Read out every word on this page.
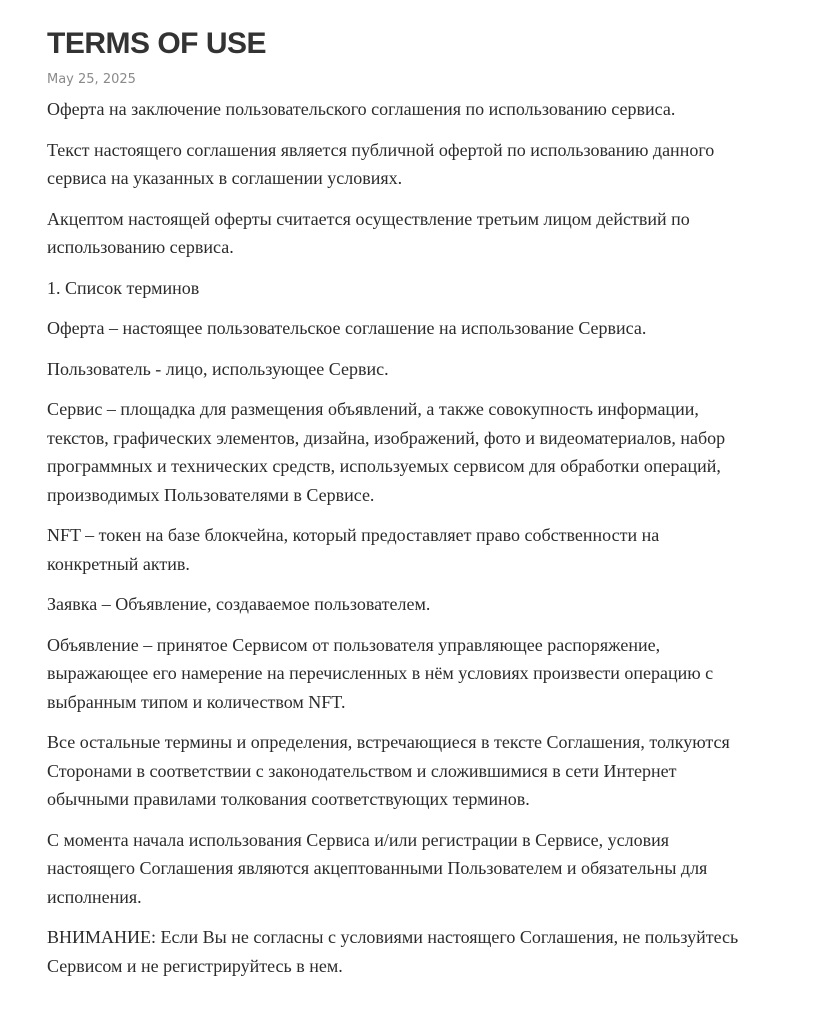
TERMS OF USE
May 25, 2025

Оферта на заключение пользовательского соглашения по использованию сервиса.

Текст настоящего соглашения является публичной офертой по использованию данного сервиса на указанных в соглашении условиях.

Акцептом настоящей оферты считается осуществление третьим лицом действий по использованию сервиса.

1. Список терминов

Оферта – настоящее пользовательское соглашение на использование Сервиса.

Пользователь - лицо, использующее Сервис.

Сервис – площадка для размещения объявлений, а также совокупность информации, текстов, графических элементов, дизайна, изображений, фото и видеоматериалов, набор программных и технических средств, используемых сервисом для обработки операций, производимых Пользователями в Сервисе.

NFT – токен на базе блокчейна, который предоставляет право собственности на конкретный актив.

Заявка – Объявление, создаваемое пользователем.

Объявление – принятое Сервисом от пользователя управляющее распоряжение, выражающее его намерение на перечисленных в нём условиях произвести операцию с выбранным типом и количеством NFT.

Все остальные термины и определения, встречающиеся в тексте Соглашения, толкуются Сторонами в соответствии с законодательством и сложившимися в сети Интернет обычными правилами толкования соответствующих терминов.

С момента начала использования Сервиса и/или регистрации в Сервисе, условия настоящего Соглашения являются акцептованными Пользователем и обязательны для исполнения.

ВНИМАНИЕ: Если Вы не согласны с условиями настоящего Соглашения, не пользуйтесь Сервисом и не регистрируйтесь в нем.
